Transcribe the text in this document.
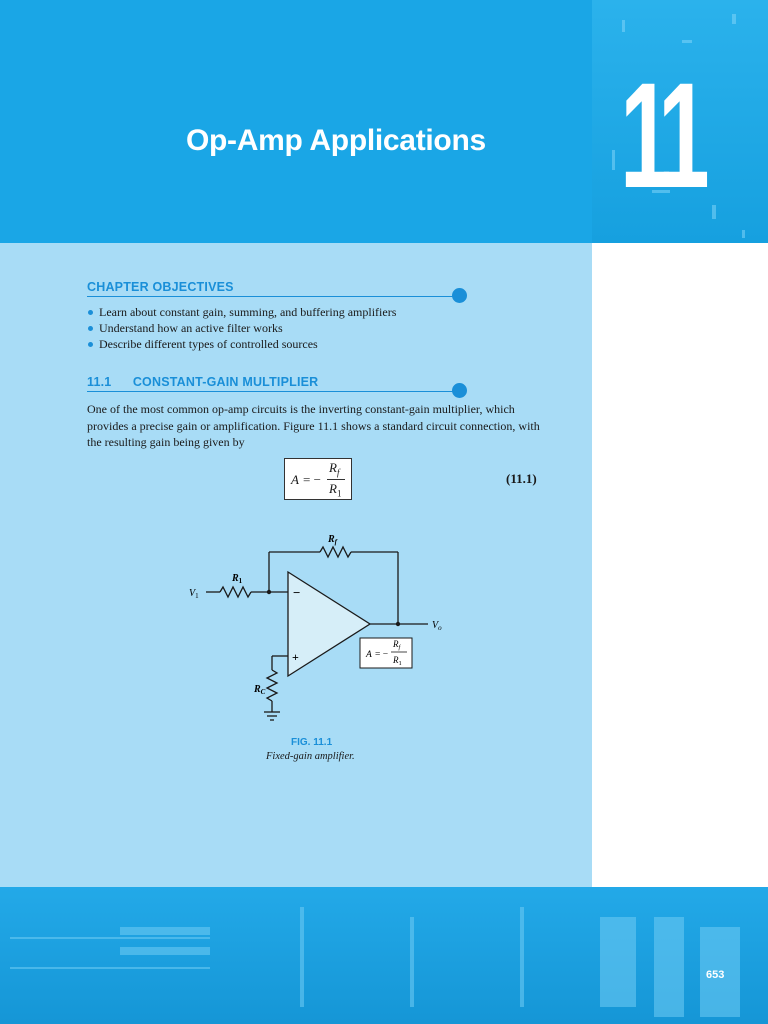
Op-Amp Applications 11
CHAPTER OBJECTIVES
Learn about constant gain, summing, and buffering amplifiers
Understand how an active filter works
Describe different types of controlled sources
11.1 CONSTANT-GAIN MULTIPLIER

One of the most common op-amp circuits is the inverting constant-gain multiplier, which provides a precise gain or amplification. Figure 11.1 shows a standard circuit connection, with the resulting gain being given by

A = −
$R_f$
$R_1$
(11.1)
−
+
$R_f$
$R_1$
$V_1$
$V_o$
$R_C$
A = −
$R_f$
$R_1$
FIG. 11.1
Fixed-gain amplifier.
653
